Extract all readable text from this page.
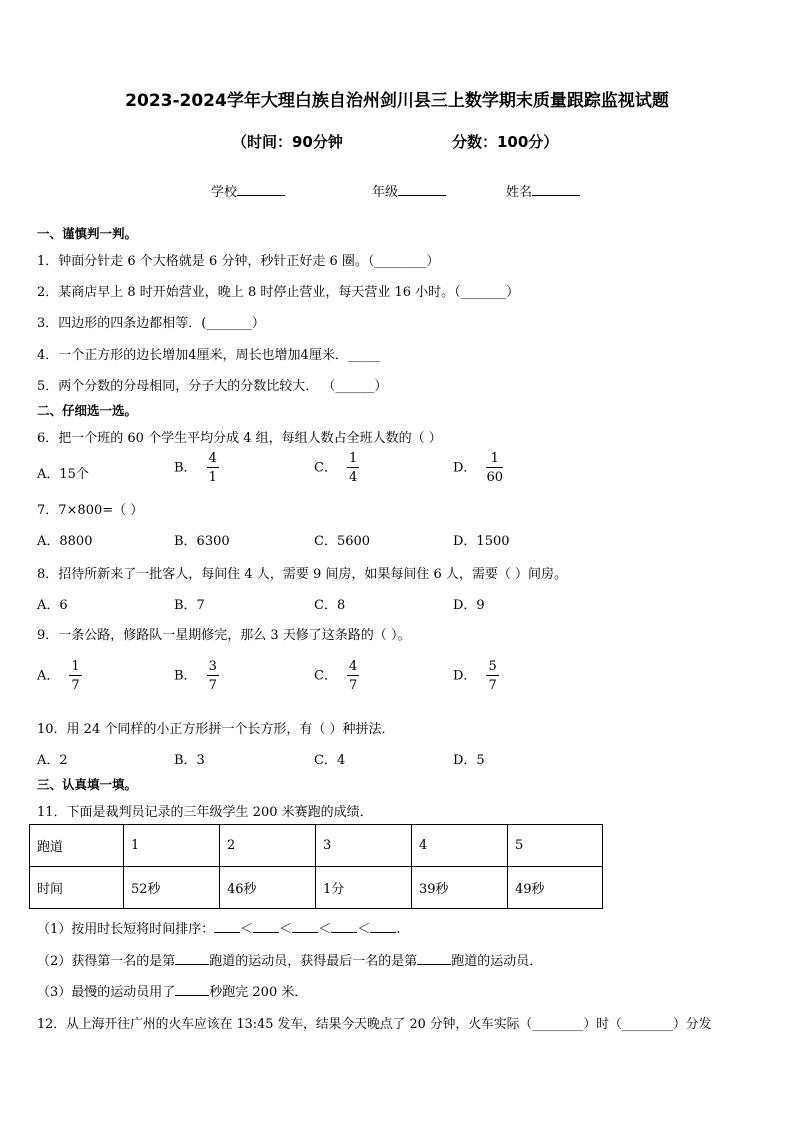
2023-2024学年大理白族自治州剑川县三上数学期末质量跟踪监视试题
（时间：90分钟	分数：100分）
学校	年级	姓名
一、谨慎判一判。
1．钟面分针走 6 个大格就是 6 分钟，秒针正好走 6 圈。（________）
2．某商店早上 8 时开始营业，晚上 8 时停止营业，每天营业 16 小时。（_______）
3．四边形的四条边都相等．(_______）
4．一个正方形的边长增加4厘米，周长也增加4厘米．_____
5．两个分数的分母相同，分子大的分数比较大． （______）
二、仔细选一选。
6．把一个班的 60 个学生平均分成 4 组，每组人数占全班人数的（ ）
A．15个	B． $\frac{4}{1}$	C． $\frac{1}{4}$	D． $\frac{1}{60}$
7．7×800=（ ）
A．8800	B．6300	C．5600	D．1500
8．招待所新来了一批客人，每间住 4 人，需要 9 间房，如果每间住 6 人，需要（ ）间房。
A．6	B．7	C．8	D．9
9．一条公路，修路队一星期修完，那么 3 天修了这条路的（ ）。
A． $\frac{1}{7}$	B． $\frac{3}{7}$	C． $\frac{4}{7}$	D． $\frac{5}{7}$
10．用 24 个同样的小正方形拼一个长方形，有（ ）种拼法．
A．2	B．3	C．4	D．5
三、认真填一填。
11．下面是裁判员记录的三年级学生 200 米赛跑的成绩．
跑道	1	2	3	4	5
时间	52秒	46秒	1分	39秒	49秒
（1）按用时长短将时间排序： ＜ ＜ ＜ ＜ .
（2）获得第一名的是第	跑道的运动员，获得最后一名的是第	跑道的运动员．
（3）最慢的运动员用了	秒跑完 200 米．
12．从上海开往广州的火车应该在 13:45 发车，结果今天晚点了 20 分钟，火车实际（________）时（________）分发
